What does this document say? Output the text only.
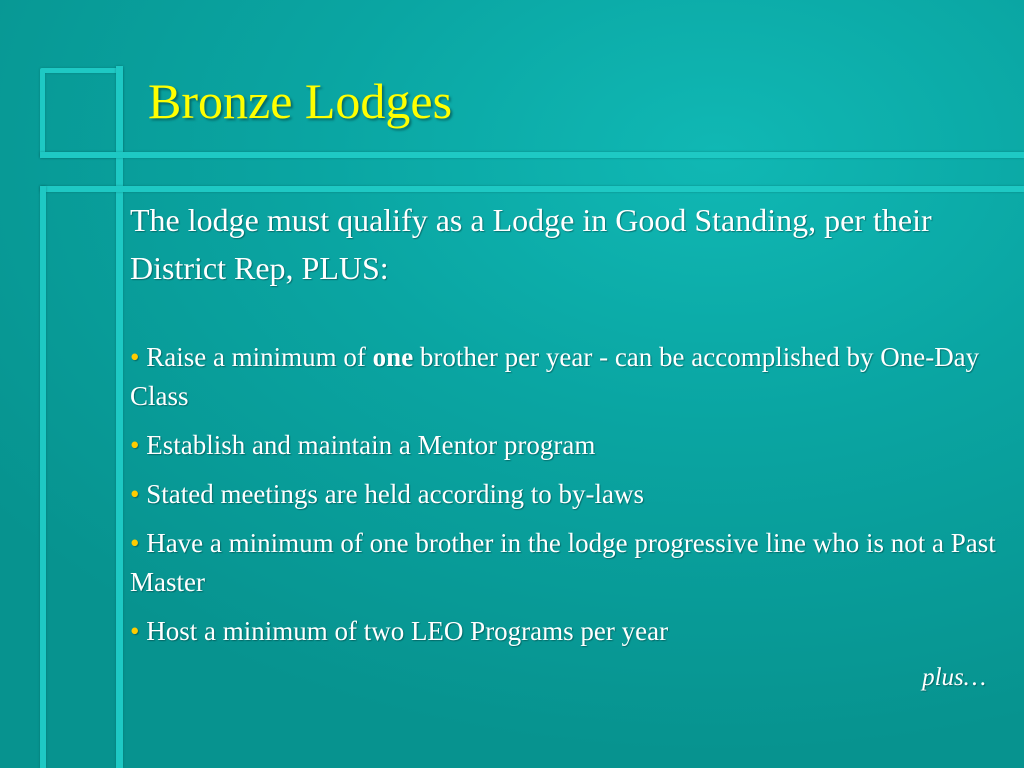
Bronze Lodges

The lodge must qualify as a Lodge in Good Standing, per their District Rep, PLUS:

• Raise a minimum of one brother per year - can be accomplished by One-Day Class
• Establish and maintain a Mentor program
• Stated meetings are held according to by-laws
• Have a minimum of one brother in the lodge progressive line who is not a Past Master
• Host a minimum of two LEO Programs per year
plus…
